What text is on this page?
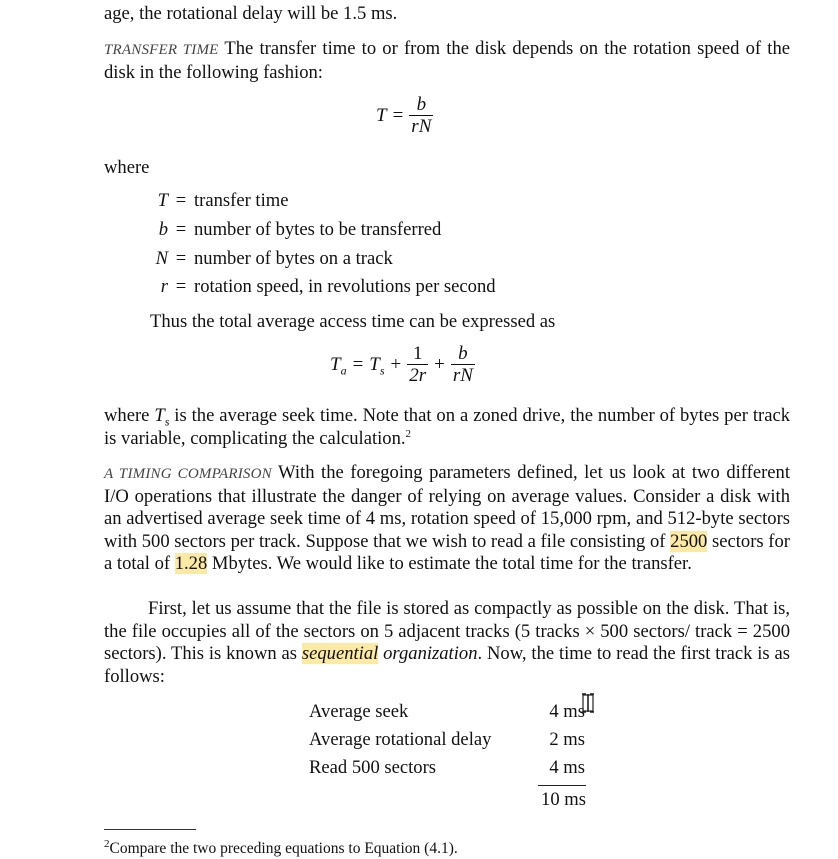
age, the rotational delay will be 1.5 ms.
TRANSFER TIME The transfer time to or from the disk depends on the rotation speed of the disk in the following fashion:
$T = \frac{b}{rN}$
where
T = transfer time
b = number of bytes to be transferred
N = number of bytes on a track
r = rotation speed, in revolutions per second
Thus the total average access time can be expressed as
$T_a = T_s + \frac{1}{2r} + \frac{b}{rN}$
where $T_s$ is the average seek time. Note that on a zoned drive, the number of bytes per track is variable, complicating the calculation.$^2$
A TIMING COMPARISON With the foregoing parameters defined, let us look at two different I/O operations that illustrate the danger of relying on average values. Consider a disk with an advertised average seek time of 4 ms, rotation speed of 15,000 rpm, and 512-byte sectors with 500 sectors per track. Suppose that we wish to read a file consisting of 2500 sectors for a total of 1.28 Mbytes. We would like to estimate the total time for the transfer.
First, let us assume that the file is stored as compactly as possible on the disk. That is, the file occupies all of the sectors on 5 adjacent tracks (5 tracks × 500 sectors/ track = 2500 sectors). This is known as sequential organization. Now, the time to read the first track is as follows:
Average seek	4 ms
Average rotational delay	2 ms
Read 500 sectors	4 ms
10 ms
$^2$Compare the two preceding equations to Equation (4.1).
